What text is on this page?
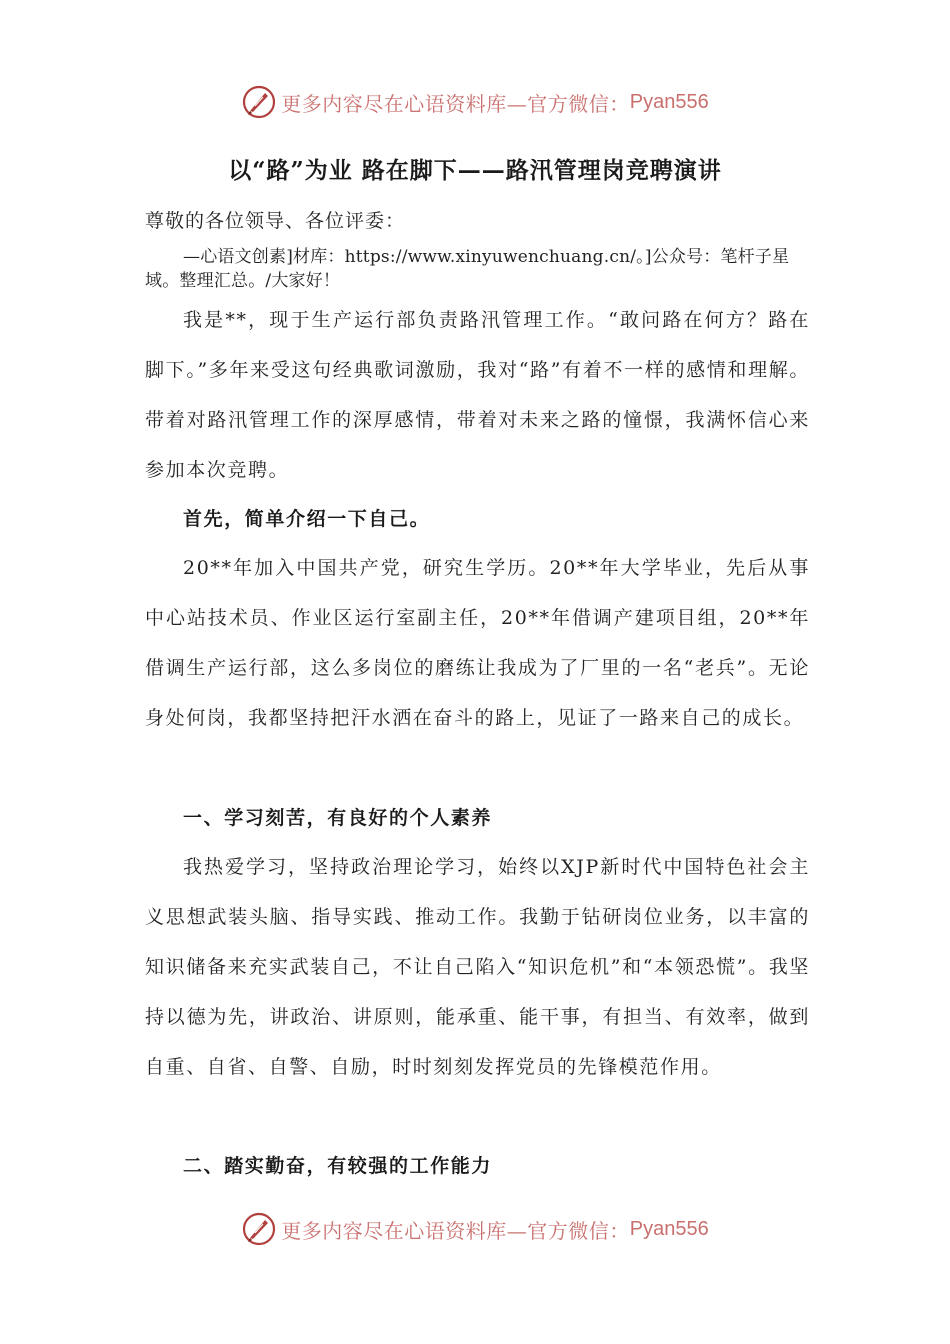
更多内容尽在心语资料库—官方微信： Pyan556
以“路”为业 路在脚下——路汛管理岗竞聘演讲

尊敬的各位领导、各位评委：

—心语文创素]材库：https://www.xinyuwenchuang.cn/。]公众号：笔杆子星域。整理汇总。/大家好！

我是**，现于生产运行部负责路汛管理工作。“敢问路在何方？路在脚下。”多年来受这句经典歌词激励，我对“路”有着不一样的感情和理解。带着对路汛管理工作的深厚感情，带着对未来之路的憧憬，我满怀信心来参加本次竞聘。

首先，简单介绍一下自己。

20**年加入中国共产党，研究生学历。20**年大学毕业，先后从事中心站技术员、作业区运行室副主任，20**年借调产建项目组，20**年借调生产运行部，这么多岗位的磨练让我成为了厂里的一名“老兵”。无论身处何岗，我都坚持把汗水洒在奋斗的路上，见证了一路来自己的成长。

一、学习刻苦，有良好的个人素养

我热爱学习，坚持政治理论学习，始终以XJP新时代中国特色社会主义思想武装头脑、指导实践、推动工作。我勤于钻研岗位业务，以丰富的知识储备来充实武装自己，不让自己陷入“知识危机”和“本领恐慌”。我坚持以德为先，讲政治、讲原则，能承重、能干事，有担当、有效率，做到自重、自省、自警、自励，时时刻刻发挥党员的先锋模范作用。

二、踏实勤奋，有较强的工作能力

更多内容尽在心语资料库—官方微信： Pyan556
